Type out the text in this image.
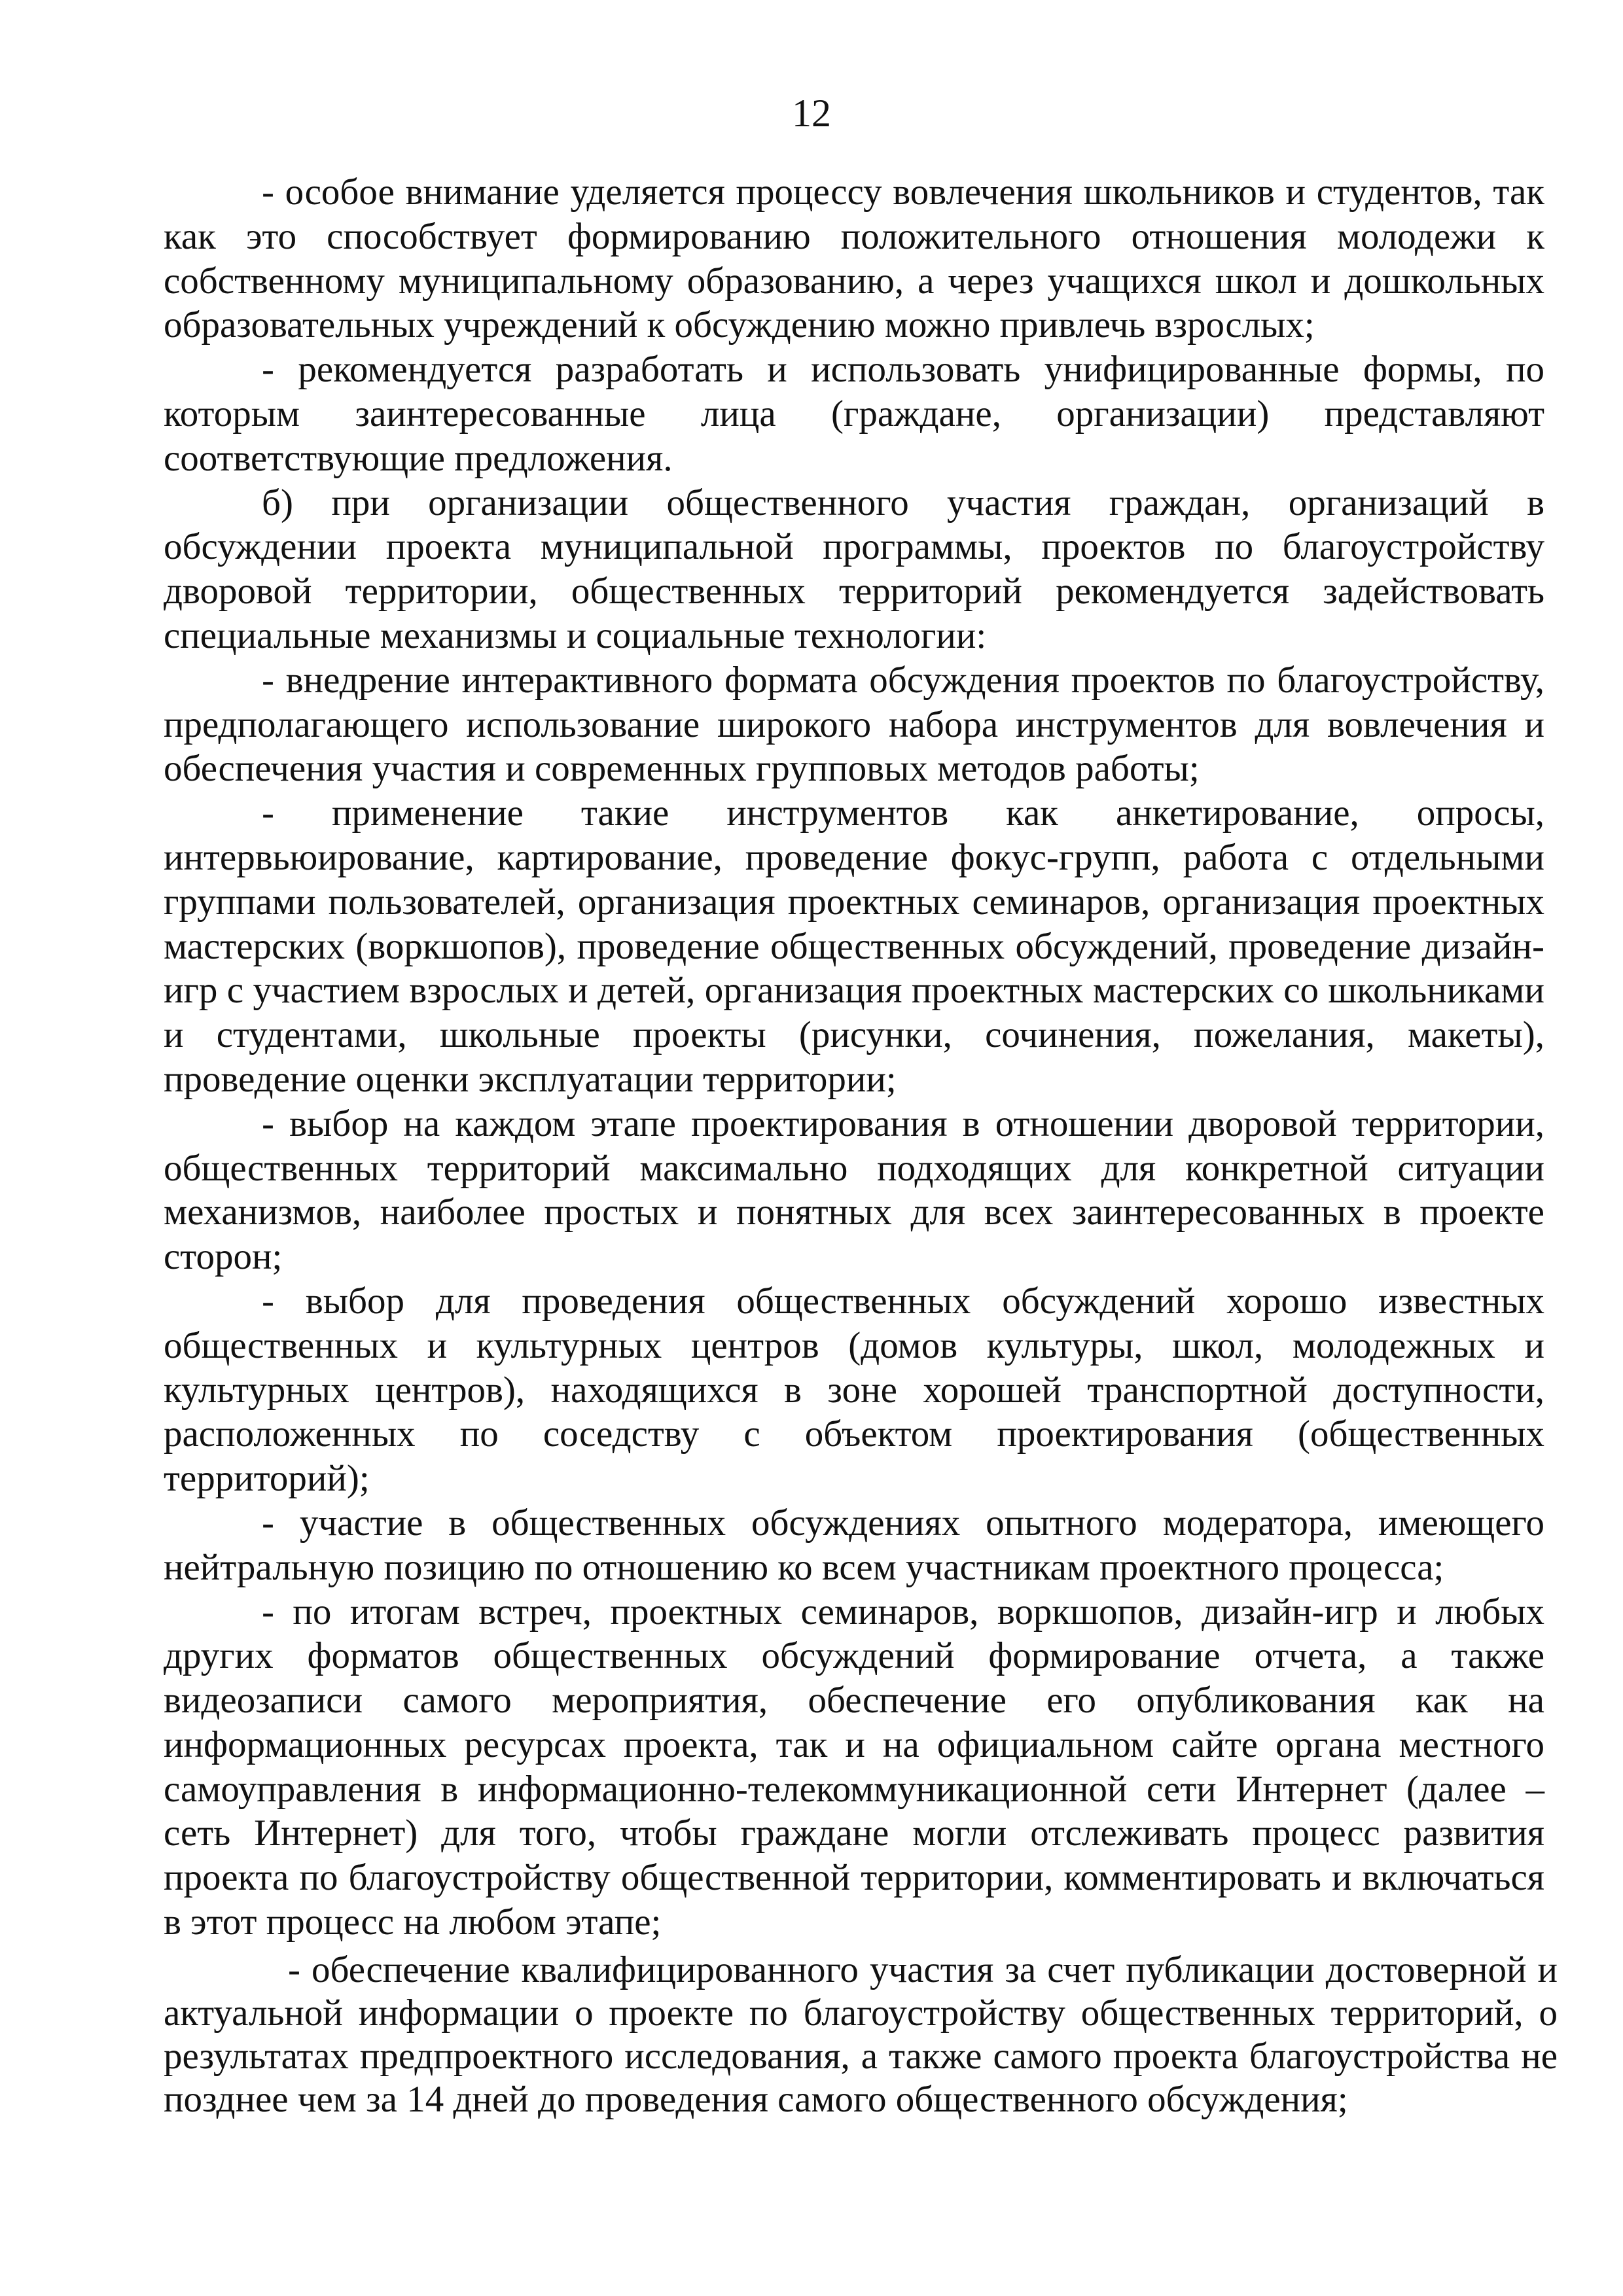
12

- особое внимание уделяется процессу вовлечения школьников и студентов, так как это способствует формированию положительного отношения молодежи к собственному муниципальному образованию, а через учащихся школ и дошкольных образовательных учреждений к обсуждению можно привлечь взрослых;

- рекомендуется разработать и использовать унифицированные формы, по которым заинтересованные лица (граждане, организации) представляют соответствующие предложения.

б) при организации общественного участия граждан, организаций в обсуждении проекта муниципальной программы, проектов по благоустройству дворовой территории, общественных территорий рекомендуется задействовать специальные механизмы и социальные технологии:

- внедрение интерактивного формата обсуждения проектов по благоустройству, предполагающего использование широкого набора инструментов для вовлечения и обеспечения участия и современных групповых методов работы;

- применение такие инструментов как анкетирование, опросы, интервьюирование, картирование, проведение фокус-групп, работа с отдельными группами пользователей, организация проектных семинаров, организация проектных мастерских (воркшопов), проведение общественных обсуждений, проведение дизайн-игр с участием взрослых и детей, организация проектных мастерских со школьниками и студентами, школьные проекты (рисунки, сочинения, пожелания, макеты), проведение оценки эксплуатации территории;

- выбор на каждом этапе проектирования в отношении дворовой территории, общественных территорий максимально подходящих для конкретной ситуации механизмов, наиболее простых и понятных для всех заинтересованных в проекте сторон;

- выбор для проведения общественных обсуждений хорошо известных общественных и культурных центров (домов культуры, школ, молодежных и культурных центров), находящихся в зоне хорошей транспортной доступности, расположенных по соседству с объектом проектирования (общественных территорий);

- участие в общественных обсуждениях опытного модератора, имеющего нейтральную позицию по отношению ко всем участникам проектного процесса;

- по итогам встреч, проектных семинаров, воркшопов, дизайн-игр и любых других форматов общественных обсуждений формирование отчета, а также видеозаписи самого мероприятия, обеспечение его опубликования как на информационных ресурсах проекта, так и на официальном сайте органа местного самоуправления в информационно-телекоммуникационной сети Интернет (далее – сеть Интернет) для того, чтобы граждане могли отслеживать процесс развития проекта по благоустройству общественной территории, комментировать и включаться в этот процесс на любом этапе;

- обеспечение квалифицированного участия за счет публикации достоверной и актуальной информации о проекте по благоустройству общественных территорий, о результатах предпроектного исследования, а также самого проекта благоустройства не позднее чем за 14 дней до проведения самого общественного обсуждения;
